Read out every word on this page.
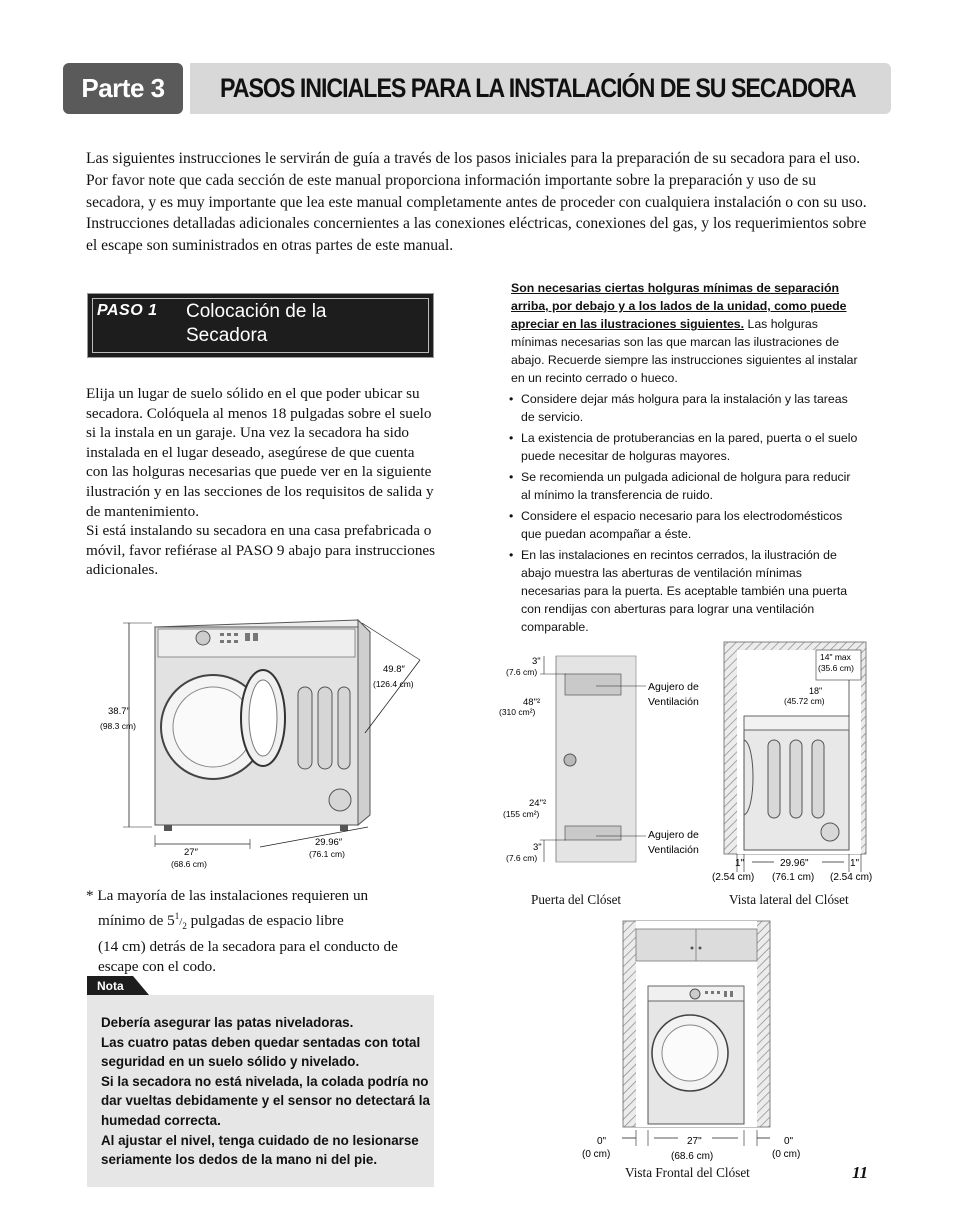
Parte 3	PASOS INICIALES PARA LA INSTALACIÓN DE SU SECADORA
Las siguientes instrucciones le servirán de guía a través de los pasos iniciales para la preparación de su secadora para el uso. Por favor note que cada sección de este manual proporciona información importante sobre la preparación y uso de su secadora, y es muy importante que lea este manual completamente antes de proceder con cualquiera instalación o con su uso. Instrucciones detalladas adicionales concernientes a las conexiones eléctricas, conexiones del gas, y los requerimientos sobre el escape son suministrados en otras partes de este manual.
PASO 1 Colocación de la
Secadora
Elija un lugar de suelo sólido en el que poder ubicar su secadora. Colóquela al menos 18 pulgadas sobre el suelo si la instala en un garaje. Una vez la secadora ha sido instalada en el lugar deseado, asegúrese de que cuenta con las holguras necesarias que puede ver en la siguiente ilustración y en las secciones de los requisitos de salida y de mantenimiento.
Si está instalando su secadora en una casa prefabricada o móvil, favor refiérase al PASO 9 abajo para instrucciones adicionales.
38.7″
(98.3 cm)
49.8″
(126.4 cm)
27″
(68.6 cm)
29.96″
(76.1 cm)
* La mayoría de las instalaciones requieren un
mínimo de $5^1/_2$ pulgadas de espacio libre
(14 cm) detrás de la secadora para el conducto de
escape con el codo.
Nota
Debería asegurar las patas niveladoras.
Las cuatro patas deben quedar sentadas con total seguridad en un suelo sólido y nivelado.
Si la secadora no está nivelada, la colada podría no dar vueltas debidamente y el sensor no detectará la humedad correcta.
Al ajustar el nivel, tenga cuidado de no lesionarse seriamente los dedos de la mano ni del pie.
Son necesarias ciertas holguras mínimas de separación arriba, por debajo y a los lados de la unidad, como puede apreciar en las ilustraciones siguientes. Las holguras mínimas necesarias son las que marcan las ilustraciones de abajo. Recuerde siempre las instrucciones siguientes al instalar en un recinto cerrado o hueco.
• Considere dejar más holgura para la instalación y las tareas de servicio.
• La existencia de protuberancias en la pared, puerta o el suelo puede necesitar de holguras mayores.
• Se recomienda un pulgada adicional de holgura para reducir al mínimo la transferencia de ruido.
• Considere el espacio necesario para los electrodomésticos que puedan acompañar a éste.
• En las instalaciones en recintos cerrados, la ilustración de abajo muestra las aberturas de ventilación mínimas necesarias para la puerta. Es aceptable también una puerta con rendijas con aberturas para lograr una ventilación comparable.
3"
(7.6 cm)
48"²
(310 cm²)
24"²
(155 cm²)
3"
(7.6 cm)
Agujero de
Ventilación
Agujero de
Ventilación
Puerta del Clóset
14" max
(35.6 cm)
18"
(45.72 cm)
1"
(2.54 cm)
29.96"
(76.1 cm)
1"
(2.54 cm)
Vista lateral del Clóset
0"
(0 cm)
27"
(68.6 cm)
0"
(0 cm)
Vista Frontal del Clóset	11
